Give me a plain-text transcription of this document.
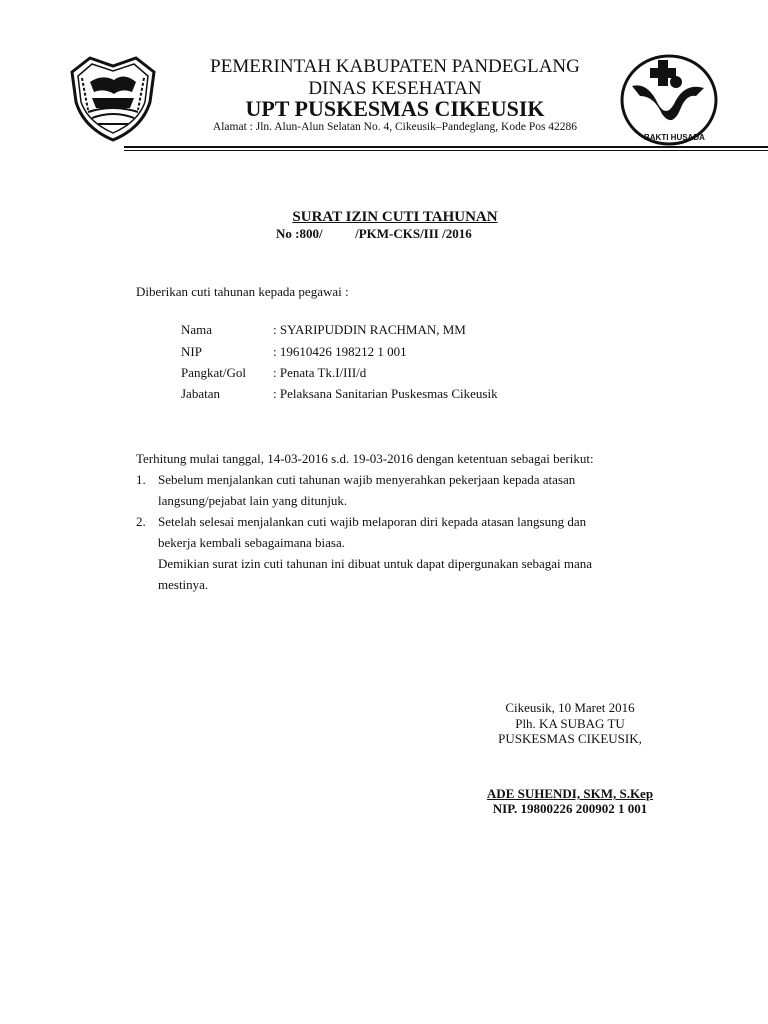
BAKTI HUSADA
PEMERINTAH KABUPATEN PANDEGLANG
DINAS KESEHATAN
UPT PUSKESMAS CIKEUSIK
Alamat : Jln. Alun-Alun Selatan No. 4, Cikeusik–Pandeglang, Kode Pos 42286
SURAT IZIN CUTI TAHUNAN
No :800/          /PKM-CKS/III /2016
Diberikan cuti tahunan kepada pegawai :
Nama	: SYARIPUDDIN RACHMAN, MM
NIP	: 19610426 198212 1 001
Pangkat/Gol : Penata Tk.I/III/d
Jabatan	: Pelaksana Sanitarian Puskesmas Cikeusik
Terhitung mulai tanggal, 14-03-2016 s.d. 19-03-2016 dengan ketentuan sebagai berikut:
1. Sebelum menjalankan cuti tahunan wajib menyerahkan pekerjaan kepada atasan
langsung/pejabat lain yang ditunjuk.
2. Setelah selesai menjalankan cuti wajib melaporan diri kepada atasan langsung dan
bekerja kembali sebagaimana biasa.
Demikian surat izin cuti tahunan ini dibuat untuk dapat dipergunakan sebagai mana
mestinya.
Cikeusik, 10 Maret 2016
Plh. KA SUBAG TU
PUSKESMAS CIKEUSIK,
ADE SUHENDI, SKM, S.Kep
NIP. 19800226 200902 1 001
